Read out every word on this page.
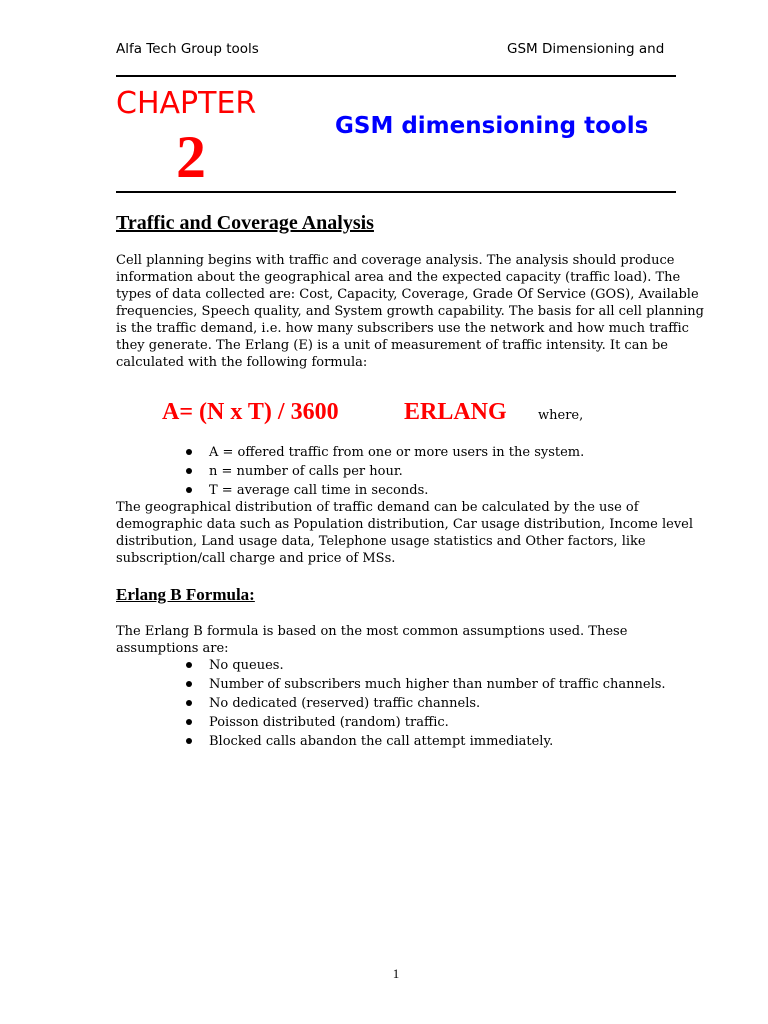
Alfa Tech Group tools	GSM Dimensioning and
CHAPTER
2	GSM dimensioning tools
Traffic and Coverage Analysis
Cell planning begins with traffic and coverage analysis. The analysis should produce
information about the geographical area and the expected capacity (traffic load). The
types of data collected are: Cost, Capacity, Coverage, Grade Of Service (GOS), Available
frequencies, Speech quality, and System growth capability. The basis for all cell planning
is the traffic demand, i.e. how many subscribers use the network and how much traffic
they generate. The Erlang (E) is a unit of measurement of traffic intensity. It can be
calculated with the following formula:
A= (N x T) / 3600	ERLANG where,
A = offered traffic from one or more users in the system.
n = number of calls per hour.
T = average call time in seconds.
The geographical distribution of traffic demand can be calculated by the use of
demographic data such as Population distribution, Car usage distribution, Income level
distribution, Land usage data, Telephone usage statistics and Other factors, like
subscription/call charge and price of MSs.
Erlang B Formula:
The Erlang B formula is based on the most common assumptions used. These
assumptions are:
No queues.
Number of subscribers much higher than number of traffic channels.
No dedicated (reserved) traffic channels.
Poisson distributed (random) traffic.
Blocked calls abandon the call attempt immediately.
1
